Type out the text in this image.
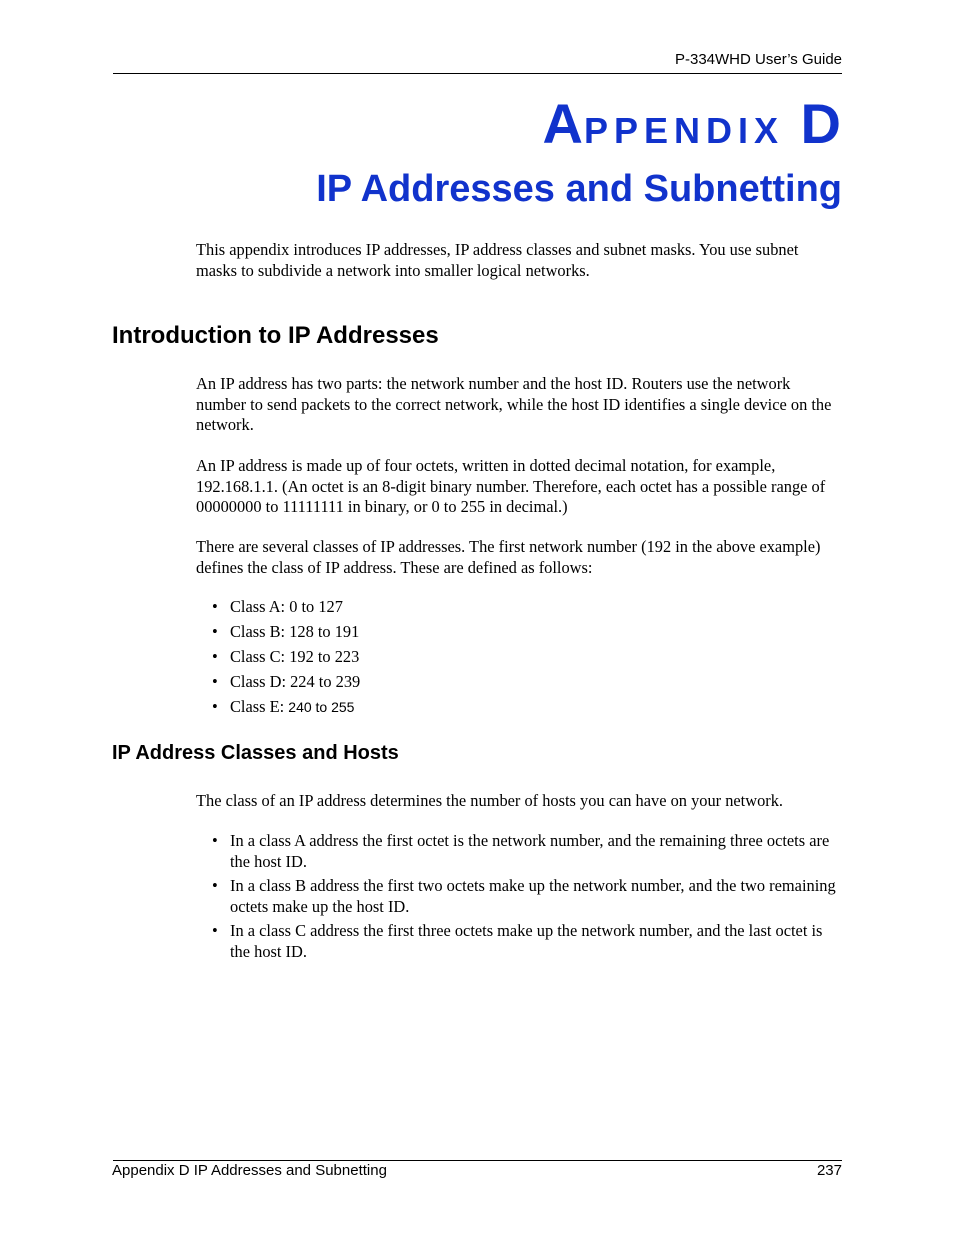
P-334WHD User’s Guide
APPENDIX D
IP Addresses and Subnetting

This appendix introduces IP addresses, IP address classes and subnet masks. You use subnet masks to subdivide a network into smaller logical networks.

Introduction to IP Addresses

An IP address has two parts: the network number and the host ID. Routers use the network number to send packets to the correct network, while the host ID identifies a single device on the network.

An IP address is made up of four octets, written in dotted decimal notation, for example, 192.168.1.1. (An octet is an 8-digit binary number. Therefore, each octet has a possible range of 00000000 to 11111111 in binary, or 0 to 255 in decimal.)

There are several classes of IP addresses. The first network number (192 in the above example) defines the class of IP address. These are defined as follows:

• Class A: 0 to 127
• Class B: 128 to 191
• Class C: 192 to 223
• Class D: 224 to 239
• Class E: 240 to 255
IP Address Classes and Hosts

The class of an IP address determines the number of hosts you can have on your network.

• In a class A address the first octet is the network number, and the remaining three octets are the host ID.
• In a class B address the first two octets make up the network number, and the two remaining octets make up the host ID.
• In a class C address the first three octets make up the network number, and the last octet is the host ID.
Appendix D IP Addresses and Subnetting	237
